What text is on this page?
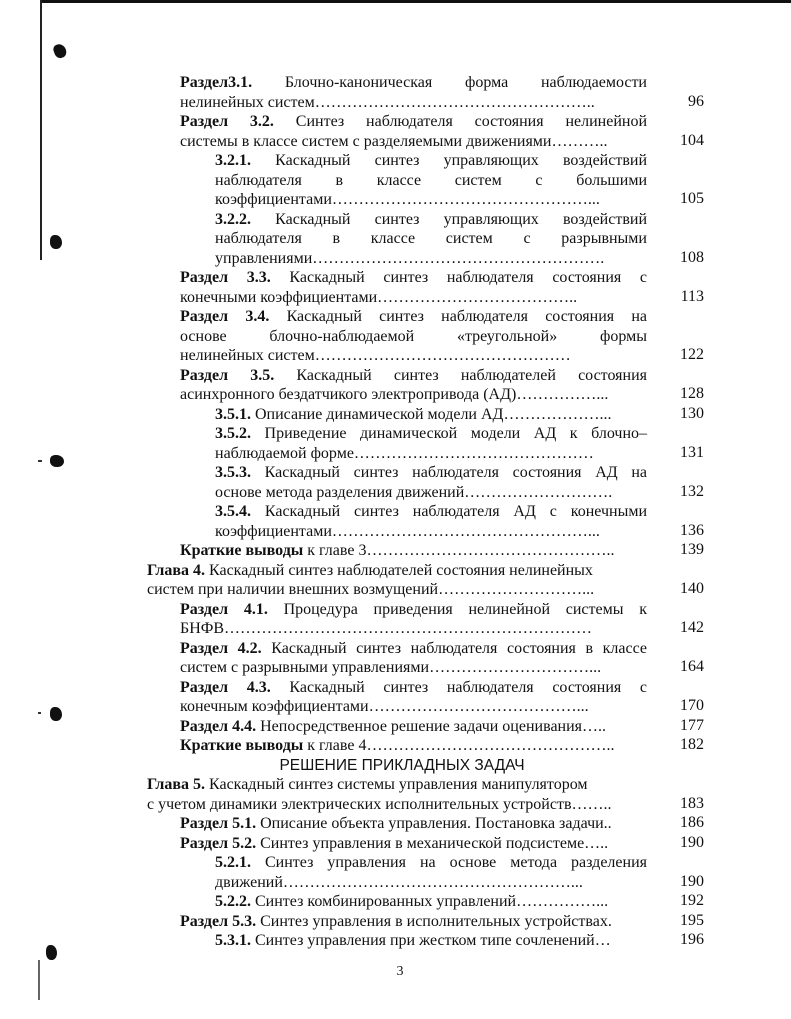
Раздел3.1. Блочно-каноническая форма наблюдаемости
нелинейных систем……………………………………………..	96
Раздел 3.2. Синтез наблюдателя состояния нелинейной
системы в классе систем с разделяемыми движениями………..	104
3.2.1. Каскадный синтез управляющих воздействий
наблюдателя в классе систем с большими
коэффициентами…………………………………………...	105
3.2.2. Каскадный синтез управляющих воздействий
наблюдателя в классе систем с разрывными
управлениями……………………………………………….	108
Раздел 3.3. Каскадный синтез наблюдателя состояния с
конечными коэффициентами………………………………..	113
Раздел 3.4. Каскадный синтез наблюдателя состояния на
основе блочно-наблюдаемой «треугольной» формы
нелинейных систем…………………………………………	122
Раздел 3.5. Каскадный синтез наблюдателей состояния
асинхронного бездатчикого электропривода (АД)……………...	128
3.5.1. Описание динамической модели АД………………...	130
3.5.2. Приведение динамической модели АД к блочно–
наблюдаемой форме………………………………………	131
3.5.3. Каскадный синтез наблюдателя состояния АД на
основе метода разделения движений……………………….	132
3.5.4. Каскадный синтез наблюдателя АД с конечными
коэффициентами…………………………………………...	136
Краткие выводы к главе 3………………………………………..	139
Глава 4. Каскадный синтез наблюдателей состояния нелинейных
систем при наличии внешних возмущений………………………...	140
Раздел 4.1. Процедура приведения нелинейной системы к
БНФВ……………………………………………………………	142
Раздел 4.2. Каскадный синтез наблюдателя состояния в классе
систем с разрывными управлениями…………………………...	164
Раздел 4.3. Каскадный синтез наблюдателя состояния с
конечным коэффициентами…………………………………...	170
Раздел 4.4. Непосредственное решение задачи оценивания…..	177
Краткие выводы к главе 4………………………………………..	182
РЕШЕНИЕ ПРИКЛАДНЫХ ЗАДАЧ
Глава 5. Каскадный синтез системы управления манипулятором
с учетом динамики электрических исполнительных устройств……..	183
Раздел 5.1. Описание объекта управления. Постановка задачи..	186
Раздел 5.2. Синтез управления в механической подсистеме…..	190
5.2.1. Синтез управления на основе метода разделения
движений………………………………………………...	190
5.2.2. Синтез комбинированных управлений……………...	192
Раздел 5.3. Синтез управления в исполнительных устройствах.	195
5.3.1. Синтез управления при жестком типе сочленений…	196
3
